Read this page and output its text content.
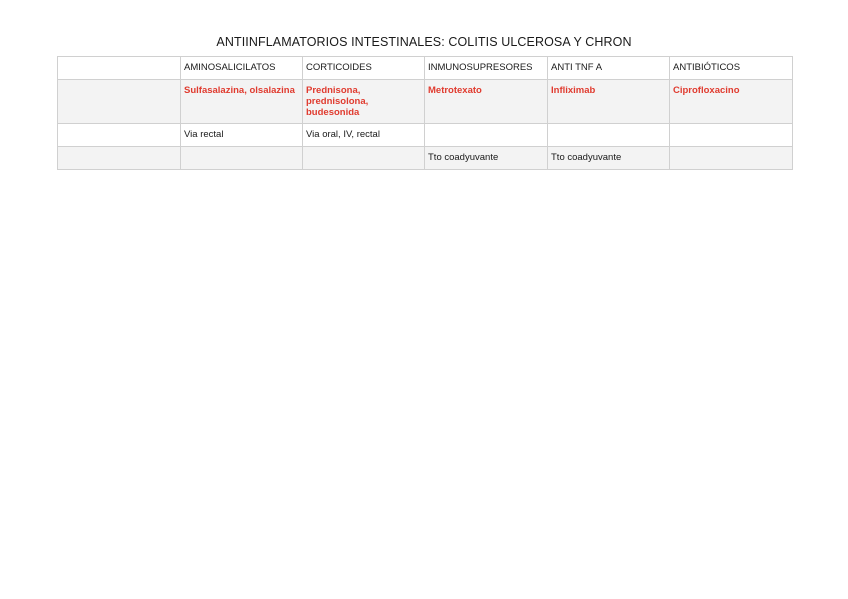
ANTIINFLAMATORIOS INTESTINALES: COLITIS ULCEROSA Y CHRON
	AMINOSALICILATOS	CORTICOIDES	INMUNOSUPRESORES	ANTI TNF A	ANTIBIÓTICOS
	Sulfasalazina, olsalazina	Prednisona, prednisolona, budesonida	Metrotexato	Infliximab	Ciprofloxacino
	Via rectal	Via oral, IV, rectal			
			Tto coadyuvante	Tto coadyuvante	
